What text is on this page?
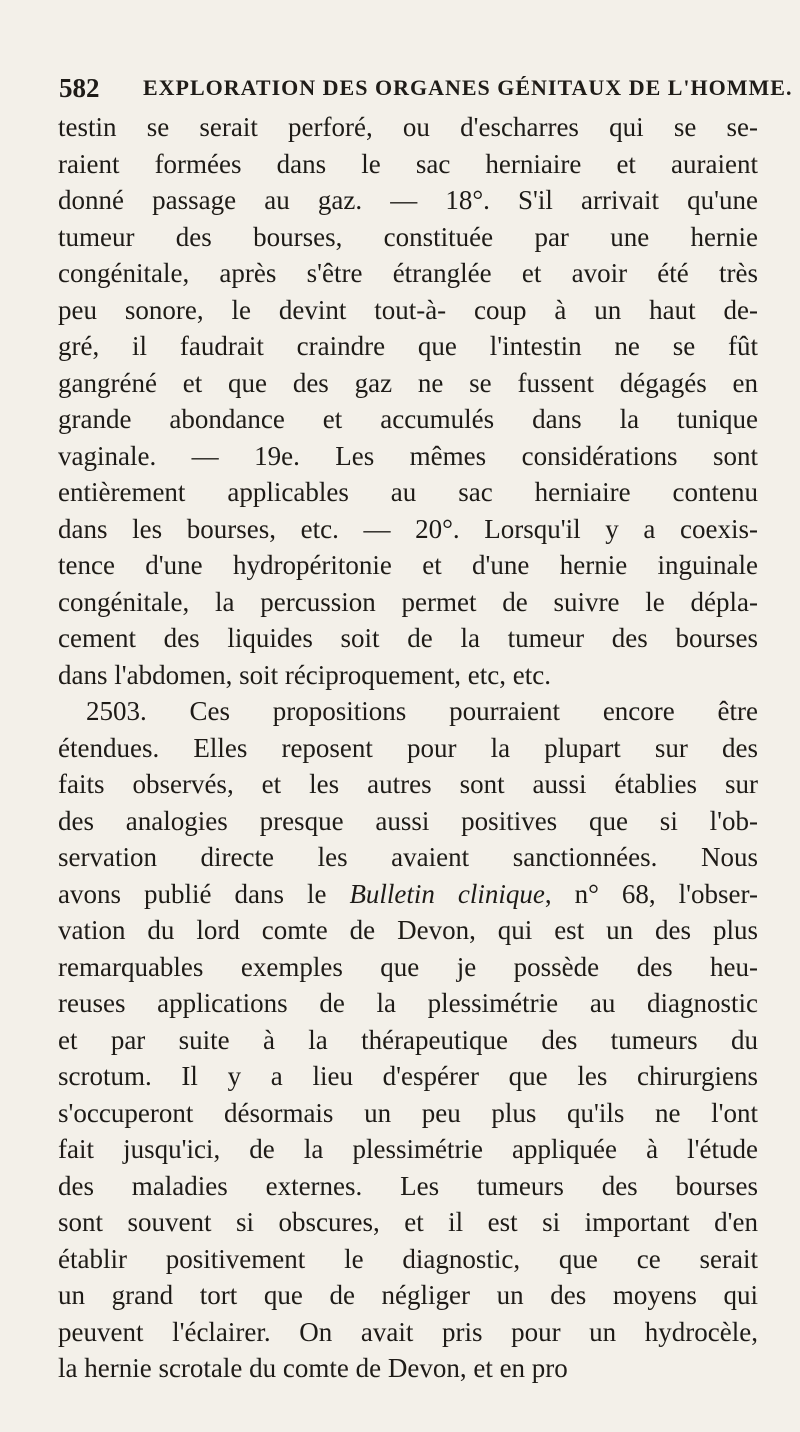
582 EXPLORATION DES ORGANES GÉNITAUX DE L'HOMME.
testin se serait perforé, ou d'escharres qui se se-
raient formées dans le sac herniaire et auraient
donné passage au gaz. — 18°. S'il arrivait qu'une
tumeur des bourses, constituée par une hernie
congénitale, après s'être étranglée et avoir été très
peu sonore, le devint tout-à- coup à un haut de-
gré, il faudrait craindre que l'intestin ne se fût
gangréné et que des gaz ne se fussent dégagés en
grande abondance et accumulés dans la tunique
vaginale. — 19e. Les mêmes considérations sont
entièrement applicables au sac herniaire contenu
dans les bourses, etc. — 20°. Lorsqu'il y a coexis-
tence d'une hydropéritonie et d'une hernie inguinale
congénitale, la percussion permet de suivre le dépla-
cement des liquides soit de la tumeur des bourses
dans l'abdomen, soit réciproquement, etc, etc.
2503. Ces propositions pourraient encore être
étendues. Elles reposent pour la plupart sur des
faits observés, et les autres sont aussi établies sur
des analogies presque aussi positives que si l'ob-
servation directe les avaient sanctionnées. Nous
avons publié dans le Bulletin clinique, n° 68, l'obser-
vation du lord comte de Devon, qui est un des plus
remarquables exemples que je possède des heu-
reuses applications de la plessimétrie au diagnostic
et par suite à la thérapeutique des tumeurs du
scrotum. Il y a lieu d'espérer que les chirurgiens
s'occuperont désormais un peu plus qu'ils ne l'ont
fait jusqu'ici, de la plessimétrie appliquée à l'étude
des maladies externes. Les tumeurs des bourses
sont souvent si obscures, et il est si important d'en
établir positivement le diagnostic, que ce serait
un grand tort que de négliger un des moyens qui
peuvent l'éclairer. On avait pris pour un hydrocèle,
la hernie scrotale du comte de Devon, et en pro
